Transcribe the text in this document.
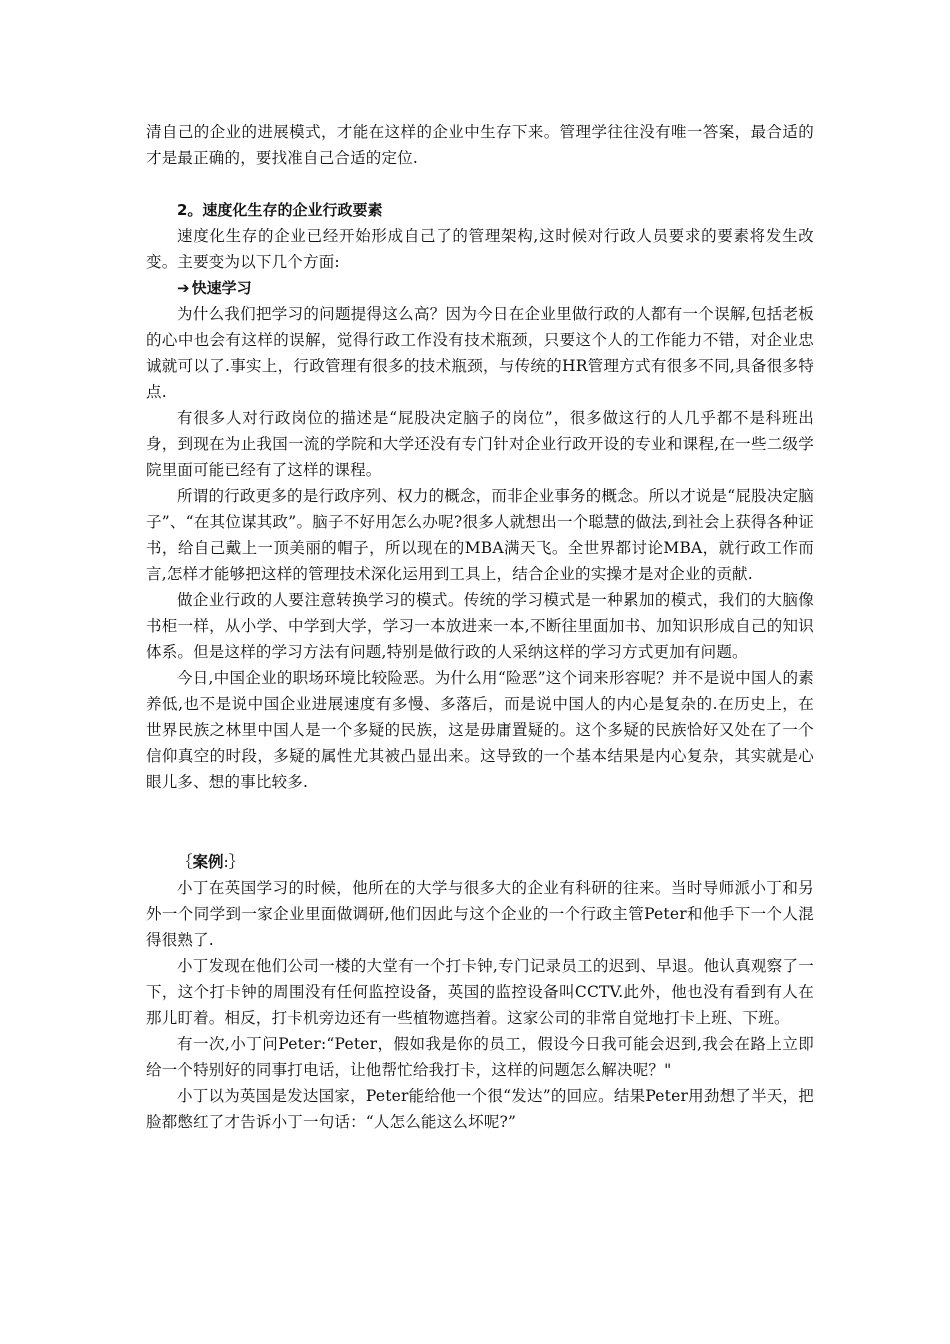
清自己的企业的进展模式，才能在这样的企业中生存下来。管理学往往没有唯一答案，最合适的才是最正确的，要找准自己合适的定位.

2。速度化生存的企业行政要素

速度化生存的企业已经开始形成自己了的管理架构,这时候对行政人员要求的要素将发生改变。主要变为以下几个方面:

➔ 快速学习

为什么我们把学习的问题提得这么高？因为今日在企业里做行政的人都有一个误解,包括老板的心中也会有这样的误解，觉得行政工作没有技术瓶颈，只要这个人的工作能力不错，对企业忠诚就可以了.事实上，行政管理有很多的技术瓶颈，与传统的HR管理方式有很多不同,具备很多特点.

有很多人对行政岗位的描述是“屁股决定脑子的岗位”，很多做这行的人几乎都不是科班出身，到现在为止我国一流的学院和大学还没有专门针对企业行政开设的专业和课程,在一些二级学院里面可能已经有了这样的课程。

所谓的行政更多的是行政序列、权力的概念，而非企业事务的概念。所以才说是“屁股决定脑子”、“在其位谋其政”。脑子不好用怎么办呢?很多人就想出一个聪慧的做法,到社会上获得各种证书，给自己戴上一顶美丽的帽子，所以现在的MBA满天飞。全世界都讨论MBA，就行政工作而言,怎样才能够把这样的管理技术深化运用到工具上，结合企业的实操才是对企业的贡献.

做企业行政的人要注意转换学习的模式。传统的学习模式是一种累加的模式，我们的大脑像书柜一样，从小学、中学到大学，学习一本放进来一本,不断往里面加书、加知识形成自己的知识体系。但是这样的学习方法有问题,特别是做行政的人采纳这样的学习方式更加有问题。

今日,中国企业的职场环境比较险恶。为什么用“险恶”这个词来形容呢？并不是说中国人的素养低,也不是说中国企业进展速度有多慢、多落后，而是说中国人的内心是复杂的.在历史上，在世界民族之林里中国人是一个多疑的民族，这是毋庸置疑的。这个多疑的民族恰好又处在了一个信仰真空的时段，多疑的属性尤其被凸显出来。这导致的一个基本结果是内心复杂，其实就是心眼儿多、想的事比较多.

｛案例:｝

小丁在英国学习的时候，他所在的大学与很多大的企业有科研的往来。当时导师派小丁和另外一个同学到一家企业里面做调研,他们因此与这个企业的一个行政主管Peter和他手下一个人混得很熟了.

小丁发现在他们公司一楼的大堂有一个打卡钟,专门记录员工的迟到、早退。他认真观察了一下，这个打卡钟的周围没有任何监控设备，英国的监控设备叫CCTV.此外，他也没有看到有人在那儿盯着。相反，打卡机旁边还有一些植物遮挡着。这家公司的非常自觉地打卡上班、下班。

有一次,小丁问Peter:“Peter，假如我是你的员工，假设今日我可能会迟到,我会在路上立即给一个特别好的同事打电话，让他帮忙给我打卡，这样的问题怎么解决呢？"

小丁以为英国是发达国家，Peter能给他一个很“发达”的回应。结果Peter用劲想了半天，把脸都憋红了才告诉小丁一句话：“人怎么能这么坏呢?”
